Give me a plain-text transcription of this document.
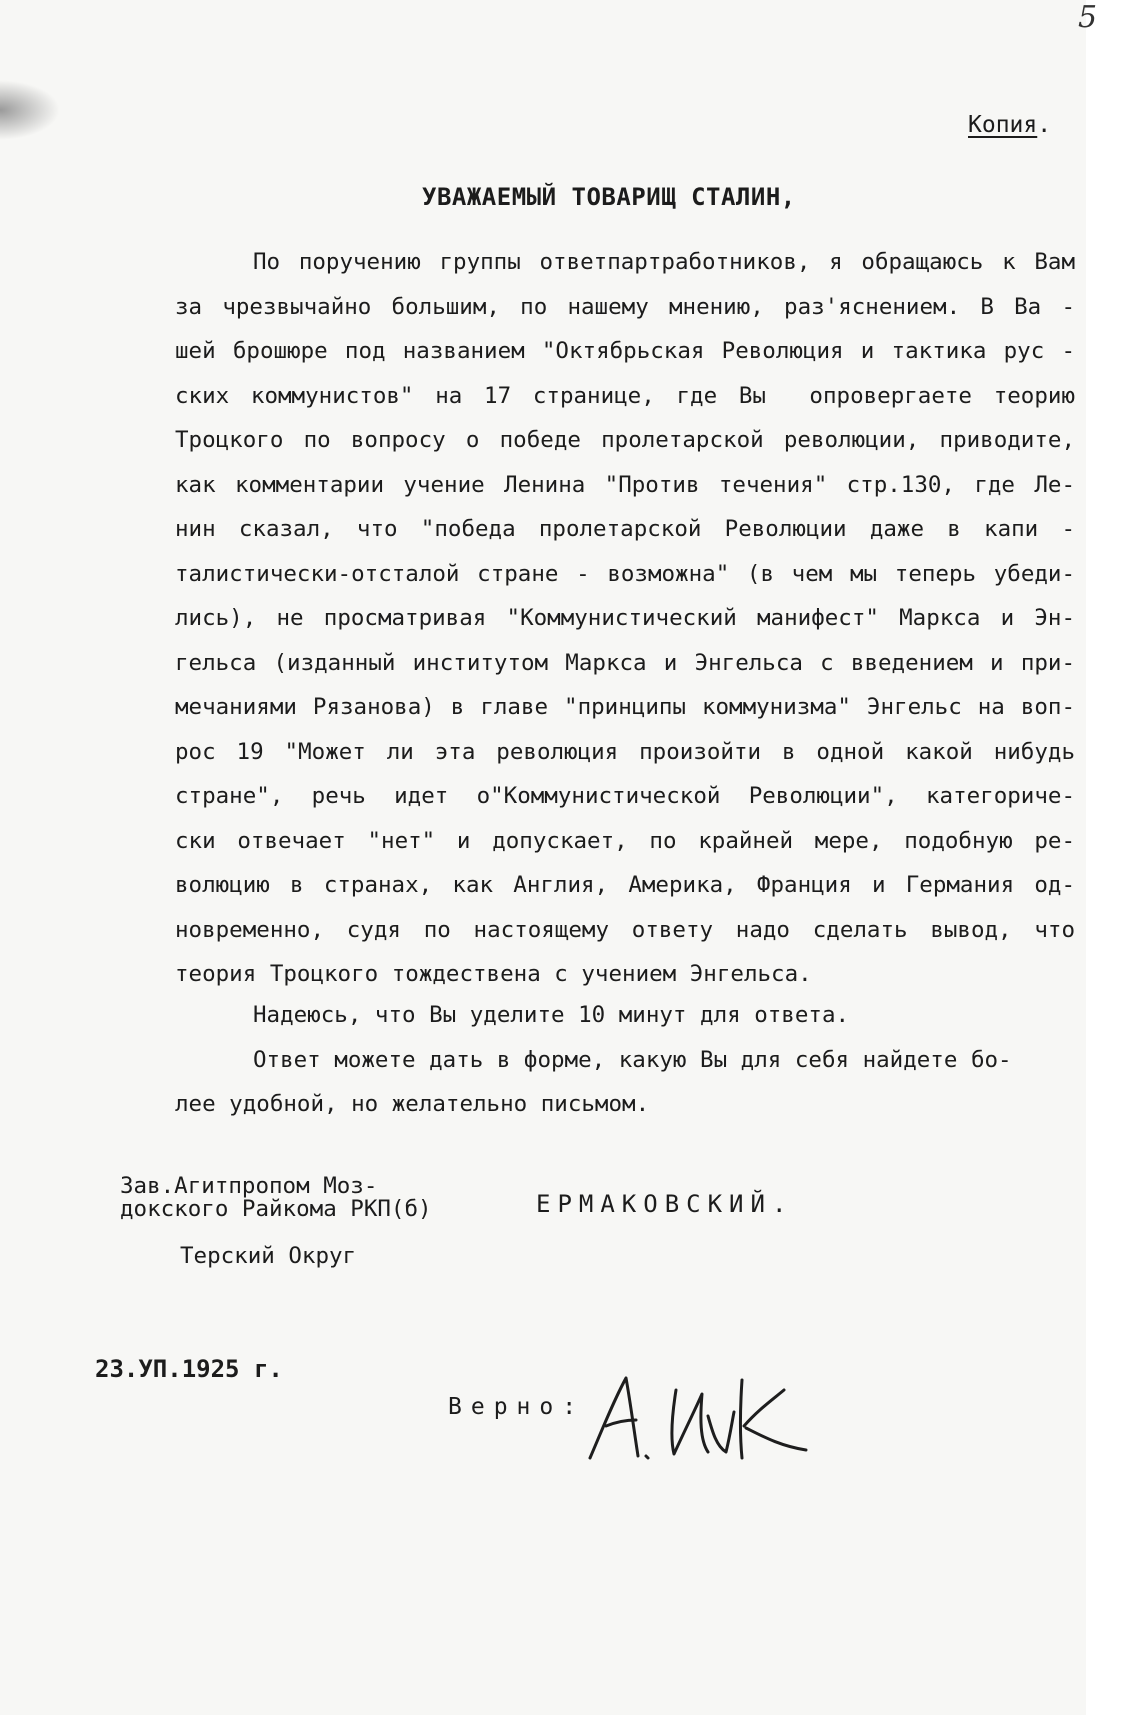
5
Копия.
УВАЖАЕМЫЙ ТОВАРИЩ СТАЛИН,
По поручению группы ответпартработников, я обращаюсь к Вам
за чрезвычайно большим, по нашему мнению, раз'яснением. В Ва -
шей брошюре под названием "Октябрьская Революция и тактика рус -
ских коммунистов" на 17 странице, где Вы  опровергаете теорию
Троцкого по вопросу о победе пролетарской революции, приводите,
как комментарии учение Ленина "Против течения" стр.130, где Ле-
нин сказал, что "победа пролетарской Революции даже в капи -
талистически-отсталой стране - возможна" (в чем мы теперь убеди-
лись), не просматривая "Коммунистический манифест" Маркса и Эн-
гельса (изданный институтом Маркса и Энгельса с введением и при-
мечаниями Рязанова) в главе "принципы коммунизма" Энгельс на воп-
рос 19 "Может ли эта революция произойти в одной какой нибудь
стране", речь идет о"Коммунистической Революции", категориче-
ски отвечает "нет" и допускает, по крайней мере, подобную ре-
волюцию в странах, как Англия, Америка, Франция и Германия од-
новременно, судя по настоящему ответу надо сделать вывод, что
теория Троцкого тождествена с учением Энгельса.
Надеюсь, что Вы уделите 10 минут для ответа.
Ответ можете дать в форме, какую Вы для себя найдете бо-
лее удобной, но желательно письмом.
Зав.Агитпропом Моз-
докского Райкома РКП(б)	ЕРМАКОВСКИЙ.
Терский Округ
23.УП.1925 г.
Верно:
